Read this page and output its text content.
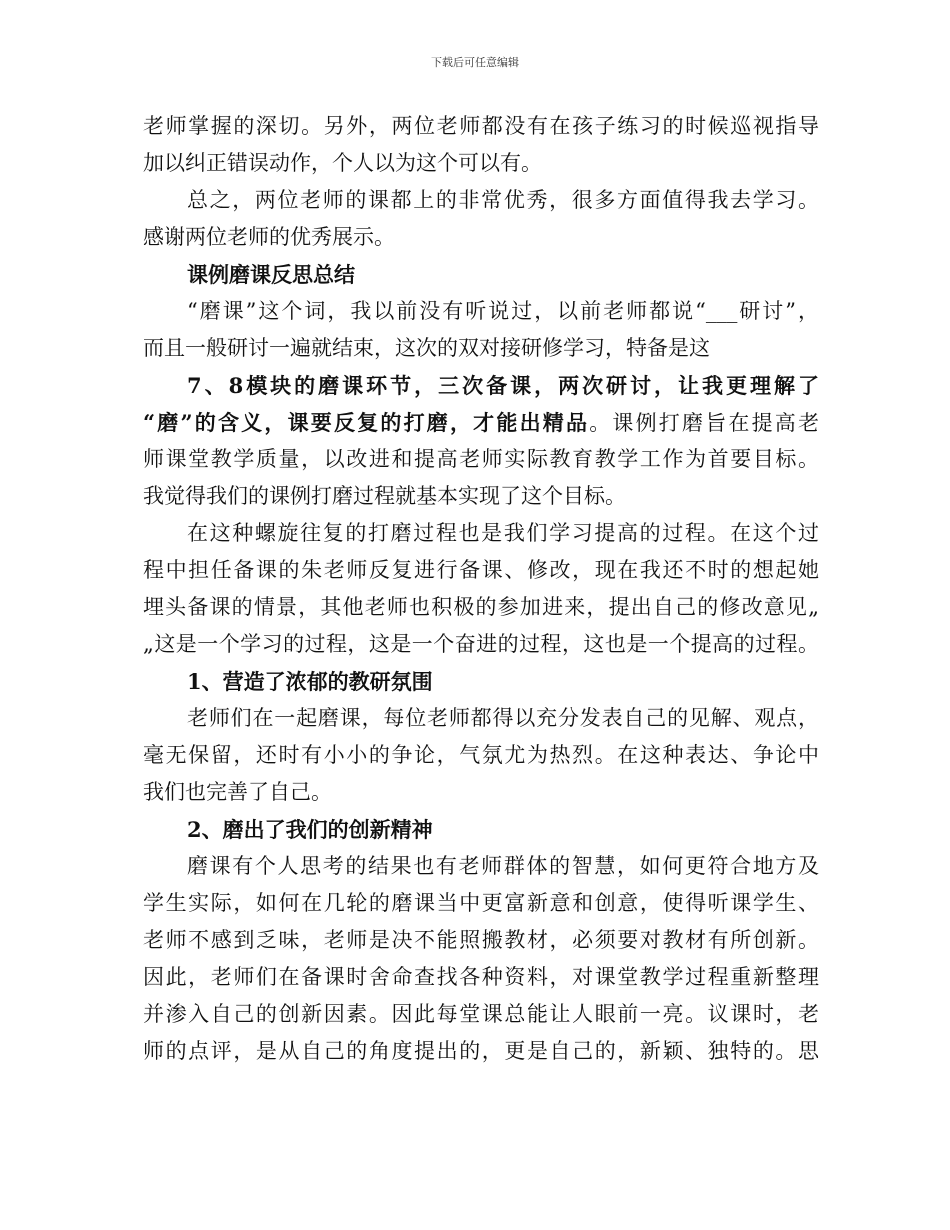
下载后可任意编辑
老师掌握的深切。另外，两位老师都没有在孩子练习的时候巡视指导
加以纠正错误动作，个人以为这个可以有。
总之，两位老师的课都上的非常优秀，很多方面值得我去学习。
感谢两位老师的优秀展示。
课例磨课反思总结
“磨课”这个词，我以前没有听说过，以前老师都说“___研讨”，
而且一般研讨一遍就结束，这次的双对接研修学习，特备是这
7、8模块的磨课环节，三次备课，两次研讨，让我更理解了
“磨”的含义，课要反复的打磨，才能出精品。课例打磨旨在提高老
师课堂教学质量，以改进和提高老师实际教育教学工作为首要目标。
我觉得我们的课例打磨过程就基本实现了这个目标。
在这种螺旋往复的打磨过程也是我们学习提高的过程。在这个过
程中担任备课的朱老师反复进行备课、修改，现在我还不时的想起她
埋头备课的情景，其他老师也积极的参加进来，提出自己的修改意见„
„这是一个学习的过程，这是一个奋进的过程，这也是一个提高的过程。
1、营造了浓郁的教研氛围
老师们在一起磨课，每位老师都得以充分发表自己的见解、观点，
毫无保留，还时有小小的争论，气氛尤为热烈。在这种表达、争论中
我们也完善了自己。
2、磨出了我们的创新精神
磨课有个人思考的结果也有老师群体的智慧，如何更符合地方及
学生实际，如何在几轮的磨课当中更富新意和创意，使得听课学生、
老师不感到乏味，老师是决不能照搬教材，必须要对教材有所创新。
因此，老师们在备课时舍命查找各种资料，对课堂教学过程重新整理
并渗入自己的创新因素。因此每堂课总能让人眼前一亮。议课时，老
师的点评，是从自己的角度提出的，更是自己的，新颖、独特的。思
